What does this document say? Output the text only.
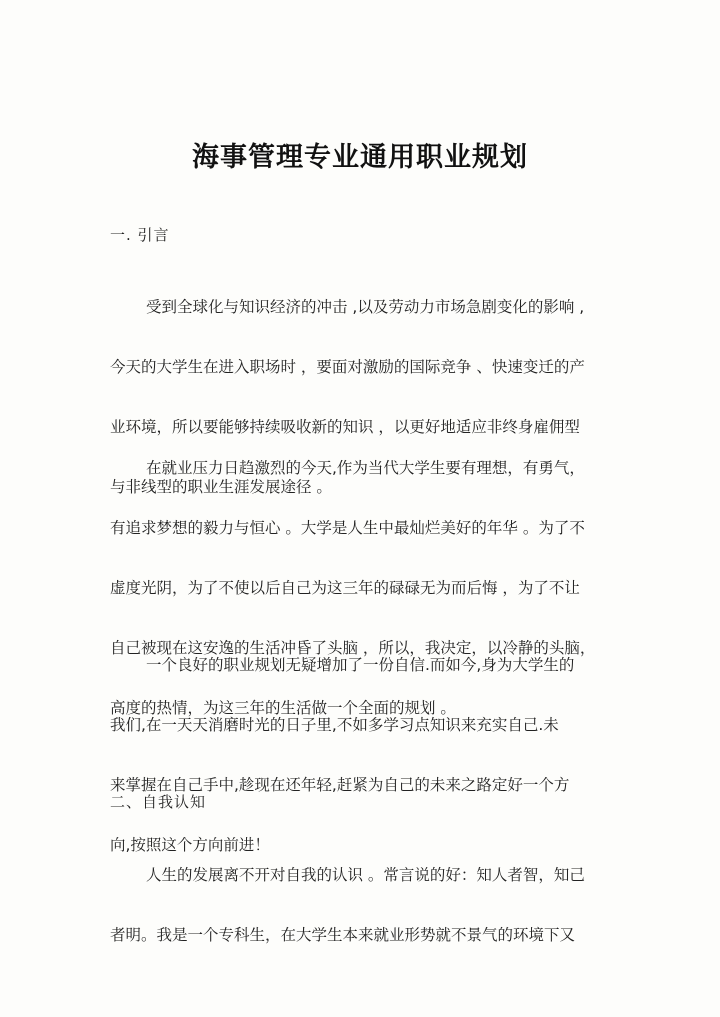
海事管理专业通用职业规划
一. 引言

受到全球化与知识经济的冲击 ,以及劳动力市场急剧变化的影响 ,

今天的大学生在进入职场时 ，要面对激励的国际竞争 、快速变迁的产

业环境，所以要能够持续吸收新的知识 ，以更好地适应非终身雇佣型

与非线型的职业生涯发展途径 。

在就业压力日趋激烈的今天,作为当代大学生要有理想，有勇气，

有追求梦想的毅力与恒心 。大学是人生中最灿烂美好的年华 。为了不

虚度光阴，为了不使以后自己为这三年的碌碌无为而后悔 ，为了不让

自己被现在这安逸的生活冲昏了头脑 ，所以，我决定，以冷静的头脑，

高度的热情，为这三年的生活做一个全面的规划 。

一个良好的职业规划无疑增加了一份自信.而如今,身为大学生的

我们,在一天天消磨时光的日子里,不如多学习点知识来充实自己.未

来掌握在自己手中,趁现在还年轻,赶紧为自己的未来之路定好一个方

向,按照这个方向前进！

二、自我认知

人生的发展离不开对自我的认识 。常言说的好：知人者智，知己

者明。我是一个专科生，在大学生本来就业形势就不景气的环境下又
